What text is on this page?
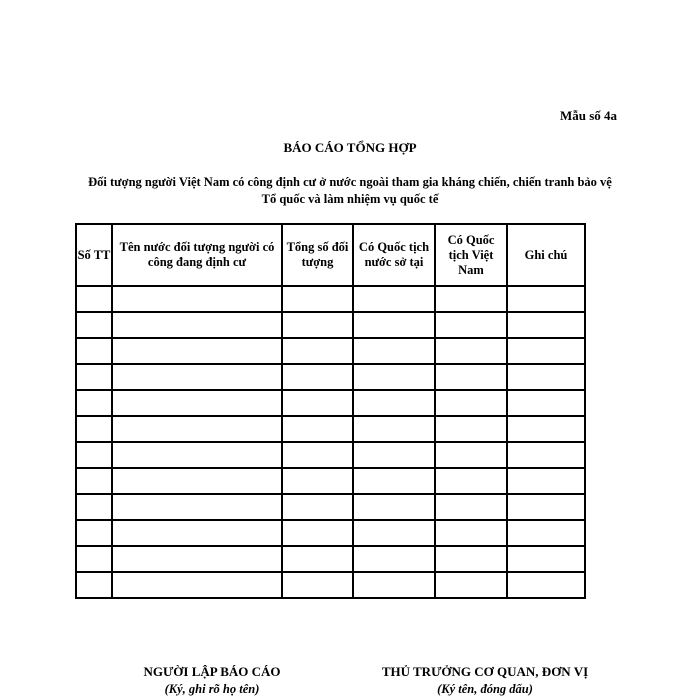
Mẫu số 4a
BÁO CÁO TỔNG HỢP
Đối tượng người Việt Nam có công định cư ở nước ngoài tham gia kháng chiến, chiến tranh bảo vệ Tổ quốc và làm nhiệm vụ quốc tế
Số TT	Tên nước đối tượng người có công đang định cư	Tổng số đối tượng	Có Quốc tịch nước sở tại	Có Quốc tịch Việt Nam	Ghi chú

NGƯỜI LẬP BÁO CÁO
(Ký, ghi rõ họ tên)
THỦ TRƯỞNG CƠ QUAN, ĐƠN VỊ
(Ký tên, đóng dấu)
